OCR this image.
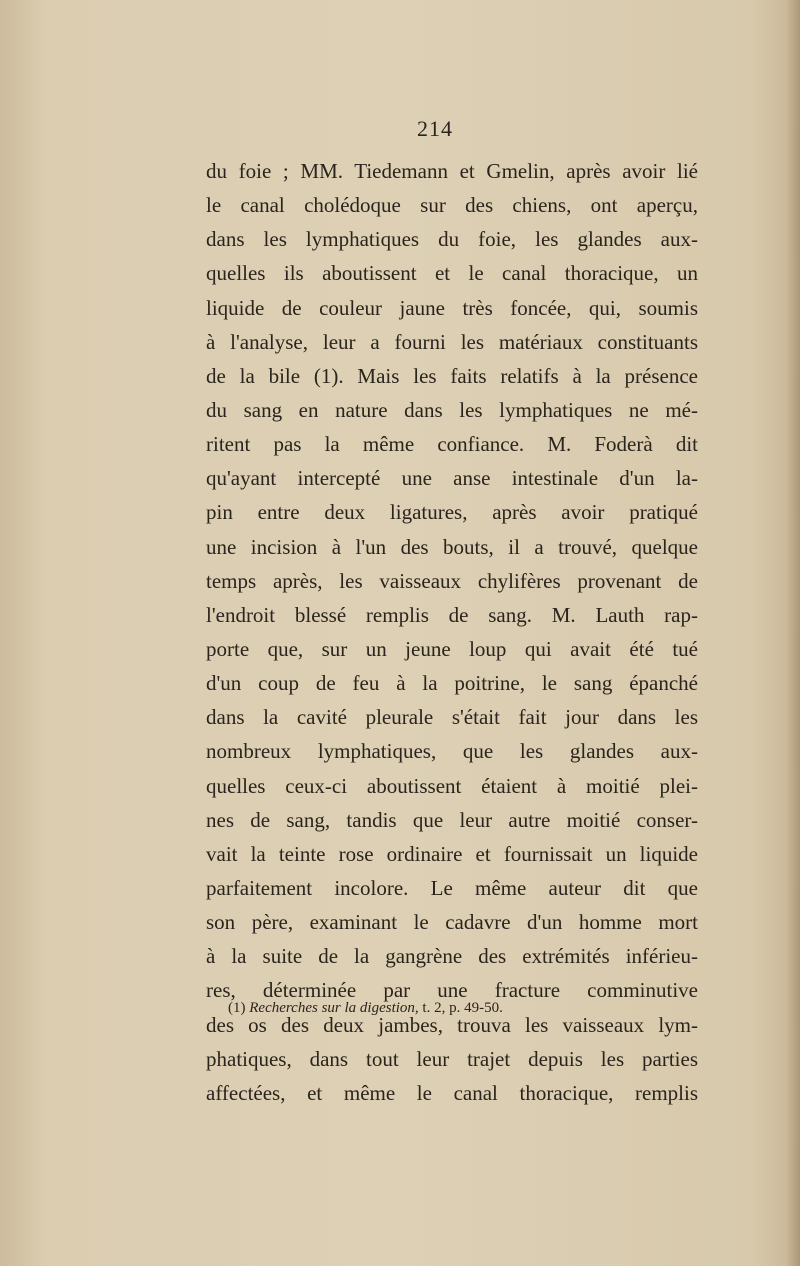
214
du foie ; MM. Tiedemann et Gmelin, après avoir lié
le canal cholédoque sur des chiens, ont aperçu,
dans les lymphatiques du foie, les glandes aux-
quelles ils aboutissent et le canal thoracique, un
liquide de couleur jaune très foncée, qui, soumis
à l'analyse, leur a fourni les matériaux constituants
de la bile (1). Mais les faits relatifs à la présence
du sang en nature dans les lymphatiques ne mé-
ritent pas la même confiance. M. Foderà dit
qu'ayant intercepté une anse intestinale d'un la-
pin entre deux ligatures, après avoir pratiqué
une incision à l'un des bouts, il a trouvé, quelque
temps après, les vaisseaux chylifères provenant de
l'endroit blessé remplis de sang. M. Lauth rap-
porte que, sur un jeune loup qui avait été tué
d'un coup de feu à la poitrine, le sang épanché
dans la cavité pleurale s'était fait jour dans les
nombreux lymphatiques, que les glandes aux-
quelles ceux-ci aboutissent étaient à moitié plei-
nes de sang, tandis que leur autre moitié conser-
vait la teinte rose ordinaire et fournissait un liquide
parfaitement incolore. Le même auteur dit que
son père, examinant le cadavre d'un homme mort
à la suite de la gangrène des extrémités inférieu-
res, déterminée par une fracture comminutive
des os des deux jambes, trouva les vaisseaux lym-
phatiques, dans tout leur trajet depuis les parties
affectées, et même le canal thoracique, remplis
(1) Recherches sur la digestion, t. 2, p. 49-50.
